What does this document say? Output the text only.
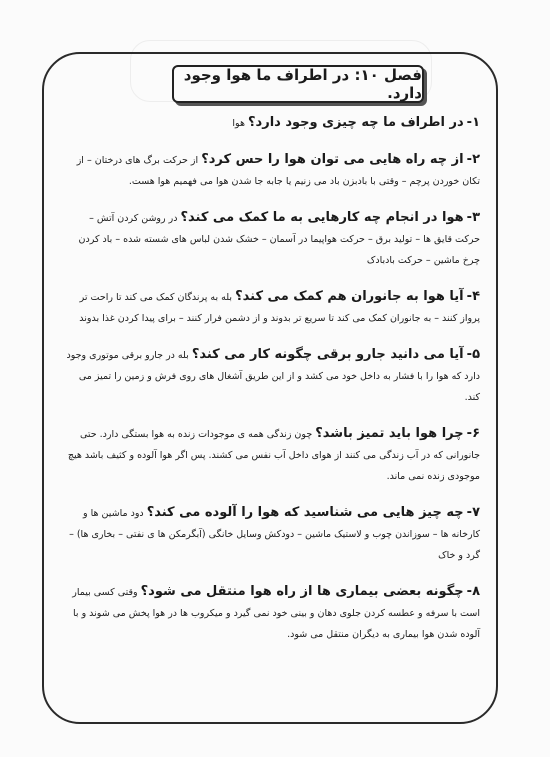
فصل ۱۰: در اطراف ما هوا وجود دارد.
۱- در اطراف ما چه چیزی وجود دارد؟ هوا
۲- از چه راه هایی می توان هوا را حس کرد؟ از حرکت برگ های درختان – از تکان خوردن پرچم – وقتی با بادبزن باد می زنیم یا جابه جا شدن هوا می فهمیم هوا هست.
۳- هوا در انجام چه کارهایی به ما کمک می کند؟ در روشن کردن آتش – حرکت قایق ها – تولید برق – حرکت هواپیما در آسمان – خشک شدن لباس های شسته شده – باد کردن چرخ ماشین – حرکت بادبادک
۴- آیا هوا به جانوران هم کمک می کند؟ بله به پرندگان کمک می کند تا راحت تر پرواز کنند – به جانوران کمک می کند تا سریع تر بدوند و از دشمن فرار کنند – برای پیدا کردن غذا بدوند
۵- آیا می دانید جارو برقی چگونه کار می کند؟ بله در جارو برقی موتوری وجود دارد که هوا را با فشار به داخل خود می کشد و از این طریق آشغال های روی فرش و زمین را تمیز می کند.
۶- چرا هوا باید تمیز باشد؟ چون زندگی همه ی موجودات زنده به هوا بستگی دارد. حتی جانورانی که در آب زندگی می کنند از هوای داخل آب نفس می کشند. پس اگر هوا آلوده و کثیف باشد هیچ موجودی زنده نمی ماند.
۷- چه چیز هایی می شناسید که هوا را آلوده می کند؟ دود ماشین ها و کارخانه ها – سوزاندن چوب و لاستیک ماشین – دودکش وسایل خانگی (آبگرمکن ها ی نفتی – بخاری ها) – گرد و خاک
۸- چگونه بعضی بیماری ها از راه هوا منتقل می شود؟ وقتی کسی بیمار است با سرفه و عطسه کردن جلوی دهان و بینی خود نمی گیرد و میکروب ها در هوا پخش می شوند و با آلوده شدن هوا بیماری به دیگران منتقل می شود.
